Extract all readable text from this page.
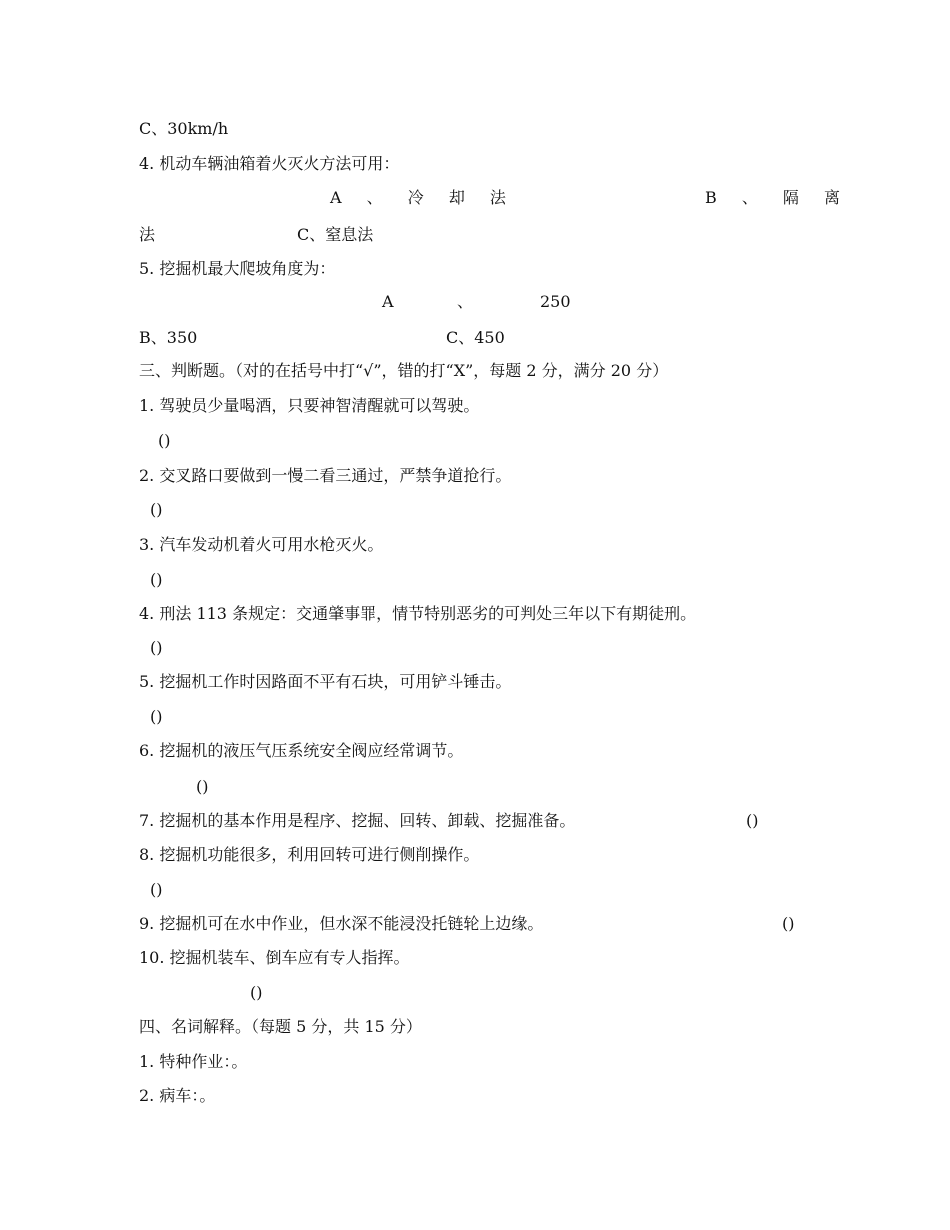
C、30km/h
4. 机动车辆油箱着火灭火方法可用：
A 、 冷 却 法	B 、 隔 离
法	C、窒息法
5. 挖掘机最大爬坡角度为：
A	、	250
B、350	C、450
三、判断题。（对的在括号中打“√”，错的打“X”，每题 2 分，满分 20 分）
1. 驾驶员少量喝酒，只要神智清醒就可以驾驶。
()
2. 交叉路口要做到一慢二看三通过，严禁争道抢行。
()
3. 汽车发动机着火可用水枪灭火。
()
4. 刑法 113 条规定：交通肇事罪，情节特别恶劣的可判处三年以下有期徒刑。
()
5. 挖掘机工作时因路面不平有石块，可用铲斗锤击。
()
6. 挖掘机的液压气压系统安全阀应经常调节。
()
7. 挖掘机的基本作用是程序、挖掘、回转、卸载、挖掘准备。	()
8. 挖掘机功能很多，利用回转可进行侧削操作。
()
9. 挖掘机可在水中作业，但水深不能浸没托链轮上边缘。	()
10. 挖掘机装车、倒车应有专人指挥。
()
四、名词解释。（每题 5 分，共 15 分）
1. 特种作业：。
2. 病车：。
